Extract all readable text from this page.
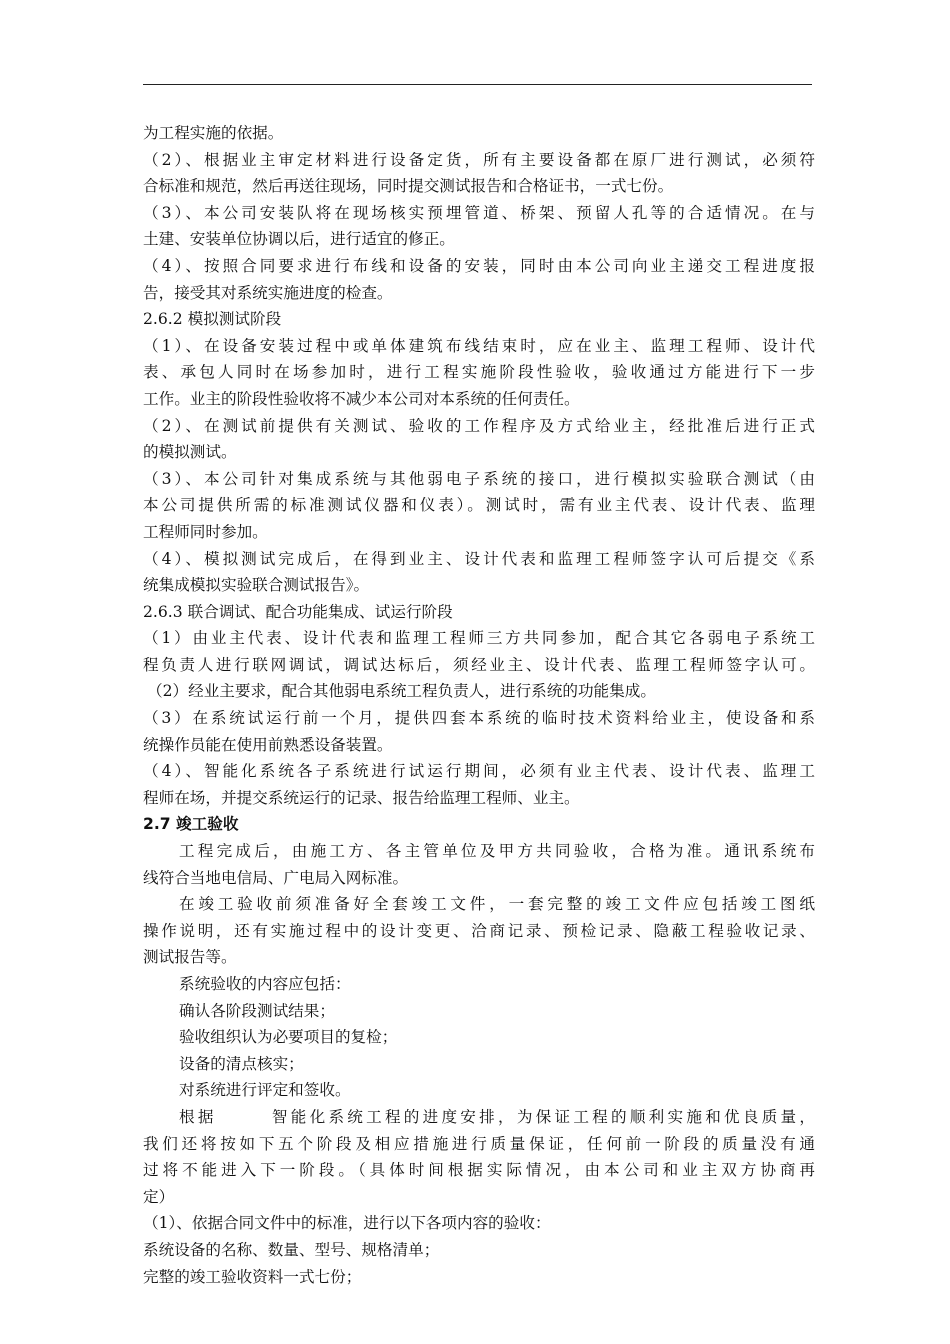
为工程实施的依据。
（2）、根据业主审定材料进行设备定货，所有主要设备都在原厂进行测试，必须符
合标准和规范，然后再送往现场，同时提交测试报告和合格证书，一式七份。
（3）、本公司安装队将在现场核实预埋管道、桥架、预留人孔等的合适情况。在与
土建、安装单位协调以后，进行适宜的修正。
（4）、按照合同要求进行布线和设备的安装，同时由本公司向业主递交工程进度报
告，接受其对系统实施进度的检查。
2.6.2 模拟测试阶段
（1）、在设备安装过程中或单体建筑布线结束时，应在业主、监理工程师、设计代
表、承包人同时在场参加时，进行工程实施阶段性验收，验收通过方能进行下一步
工作。业主的阶段性验收将不减少本公司对本系统的任何责任。
（2）、在测试前提供有关测试、验收的工作程序及方式给业主，经批准后进行正式
的模拟测试。
（3）、本公司针对集成系统与其他弱电子系统的接口，进行模拟实验联合测试（由
本公司提供所需的标准测试仪器和仪表）。测试时，需有业主代表、设计代表、监理
工程师同时参加。
（4）、模拟测试完成后，在得到业主、设计代表和监理工程师签字认可后提交《系
统集成模拟实验联合测试报告》。
2.6.3 联合调试、配合功能集成、试运行阶段
（1）由业主代表、设计代表和监理工程师三方共同参加，配合其它各弱电子系统工
程负责人进行联网调试，调试达标后，须经业主、设计代表、监理工程师签字认可。
（2）经业主要求，配合其他弱电系统工程负责人，进行系统的功能集成。
（3）在系统试运行前一个月，提供四套本系统的临时技术资料给业主，使设备和系
统操作员能在使用前熟悉设备装置。
（4）、智能化系统各子系统进行试运行期间，必须有业主代表、设计代表、监理工
程师在场，并提交系统运行的记录、报告给监理工程师、业主。
2.7 竣工验收
工程完成后，由施工方、各主管单位及甲方共同验收，合格为准。通讯系统布
线符合当地电信局、广电局入网标准。
在竣工验收前须准备好全套竣工文件，一套完整的竣工文件应包括竣工图纸
操作说明，还有实施过程中的设计变更、洽商记录、预检记录、隐蔽工程验收记录、
测试报告等。
系统验收的内容应包括：
确认各阶段测试结果；
验收组织认为必要项目的复检；
设备的清点核实；
对系统进行评定和签收。
根据	智能化系统工程的进度安排，为保证工程的顺利实施和优良质量，
我们还将按如下五个阶段及相应措施进行质量保证，任何前一阶段的质量没有通
过将不能进入下一阶段。（具体时间根据实际情况，由本公司和业主双方协商再
定）
（1）、依据合同文件中的标准，进行以下各项内容的验收：
系统设备的名称、数量、型号、规格清单；
完整的竣工验收资料一式七份；
